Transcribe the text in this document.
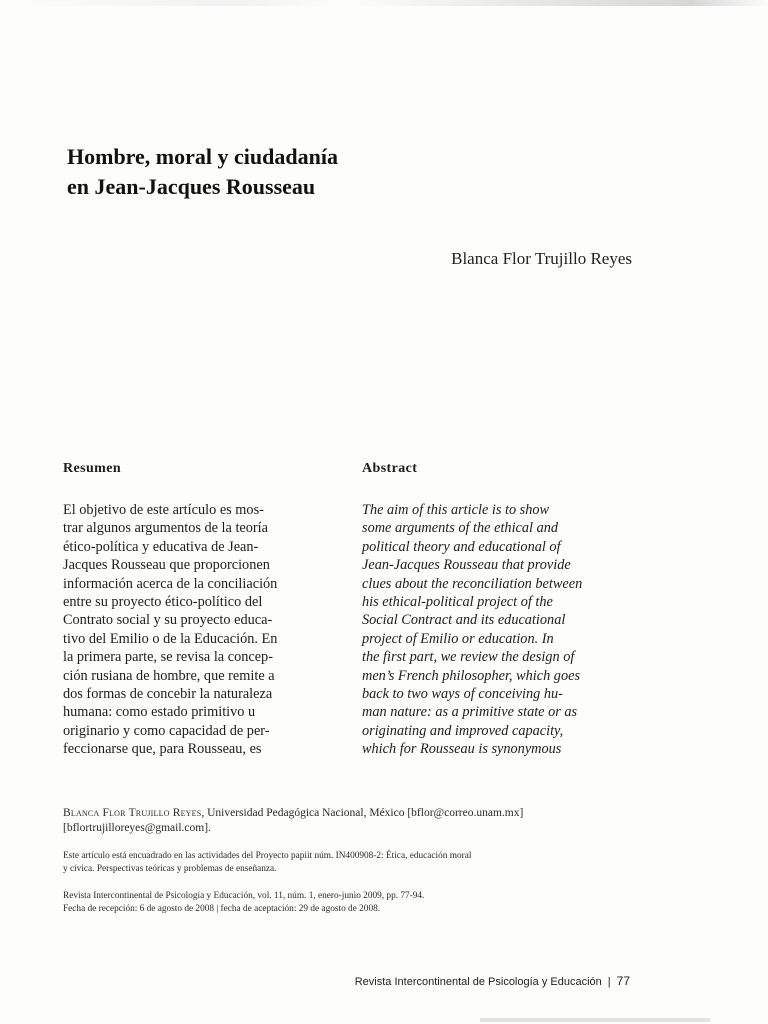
Hombre, moral y ciudadanía
en Jean-Jacques Rousseau
Blanca Flor Trujillo Reyes
Resumen
El objetivo de este artículo es mos-
trar algunos argumentos de la teoría
ético-política y educativa de Jean-
Jacques Rousseau que proporcionen
información acerca de la conciliación
entre su proyecto ético-político del
Contrato social y su proyecto educa-
tivo del Emilio o de la Educación. En
la primera parte, se revisa la concep-
ción rusiana de hombre, que remite a
dos formas de concebir la naturaleza
humana: como estado primitivo u
originario y como capacidad de per-
feccionarse que, para Rousseau, es
Abstract
The aim of this article is to show
some arguments of the ethical and
political theory and educational of
Jean-Jacques Rousseau that provide
clues about the reconciliation between
his ethical-political project of the
Social Contract and its educational
project of Emilio or education. In
the first part, we review the design of
men’s French philosopher, which goes
back to two ways of conceiving hu-
man nature: as a primitive state or as
originating and improved capacity,
which for Rousseau is synonymous
Blanca Flor Trujillo Reyes, Universidad Pedagógica Nacional, México [bflor@correo.unam.mx]
[bflortrujilloreyes@gmail.com].
Este artículo está encuadrado en las actividades del Proyecto papiit núm. IN400908-2: Ética, educación moral
y cívica. Perspectivas teóricas y problemas de enseñanza.
Revista Intercontinental de Psicología y Educación, vol. 11, núm. 1, enero-junio 2009, pp. 77-94.
Fecha de recepción: 6 de agosto de 2008 | fecha de aceptación: 29 de agosto de 2008.
Revista Intercontinental de Psicología y Educación | 77
